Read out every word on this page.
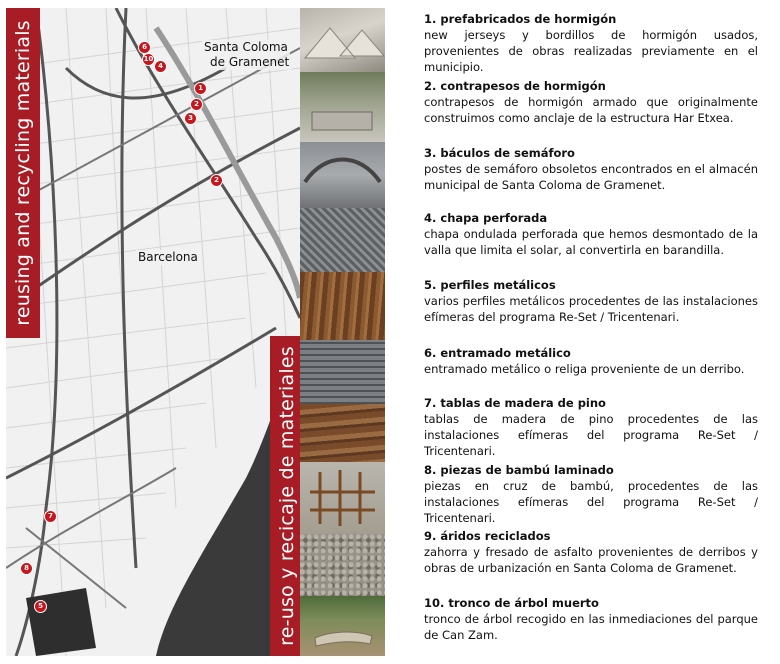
Santa Coloma
de Gramenet
Barcelona
6
10
4
1
2
3
2
7
8
5
reusing and recycling materials
re-uso y recicaje de materiales
1. prefabricados de hormigón
new jerseys y bordillos de hormigón usados, provenientes de obras realizadas previamente en el municipio.
2. contrapesos de hormigón
contrapesos de hormigón armado que originalmente construimos como anclaje de la estructura Har Etxea.
3. báculos de semáforo
postes de semáforo obsoletos encontrados en el almacén municipal de Santa Coloma de Gramenet.
4. chapa perforada
chapa ondulada perforada que hemos desmontado de la valla que limita el solar, al convertirla en barandilla.
5. perfiles metálicos
varios perfiles metálicos procedentes de las instalaciones efímeras del programa Re-Set / Tricentenari.
6. entramado metálico
entramado metálico o religa proveniente de un derribo.
7. tablas de madera de pino
tablas de madera de pino procedentes de las instalaciones efímeras del programa Re-Set / Tricentenari.
8. piezas de bambú laminado
piezas en cruz de bambú, procedentes de las instalaciones efímeras del programa Re-Set / Tricentenari.
9. áridos reciclados
zahorra y fresado de asfalto provenientes de derribos y obras de urbanización en Santa Coloma de Gramenet.
10. tronco de árbol muerto
tronco de árbol recogido en las inmediaciones del parque de Can Zam.
